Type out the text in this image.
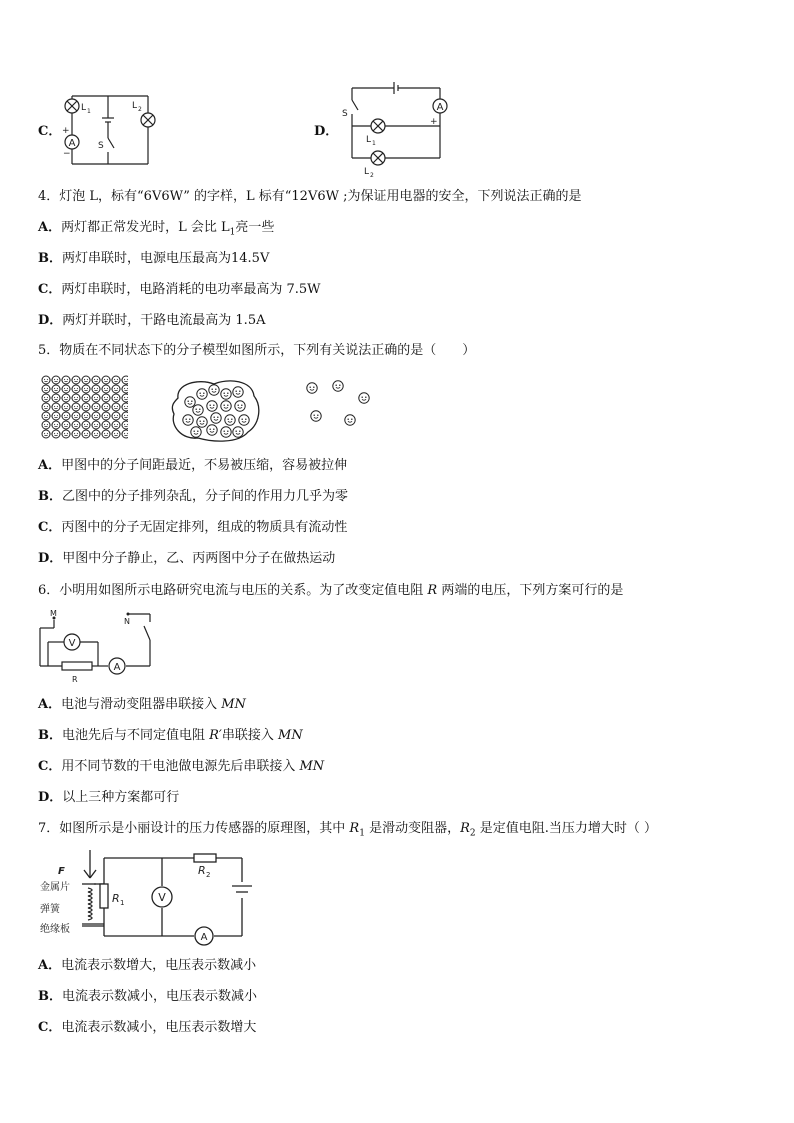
C．
A
L 1
L 2
S
+
−
D．
A
S
L 1
L 2
+
4．灯泡 L，标有“6V6W” 的字样，L 标有“12V6W ;为保证用电器的安全，下列说法正确的是
A．两灯都正常发光时，L 会比 $L_1$亮一些
B．两灯串联时，电源电压最高为14.5V
C．两灯串联时，电路消耗的电功率最高为 7.5W
D．两灯并联时，干路电流最高为 1.5A
5．物质在不同状态下的分子模型如图所示，下列有关说法正确的是（　　）
A．甲图中的分子间距最近，不易被压缩，容易被拉伸
B．乙图中的分子排列杂乱，分子间的作用力几乎为零
C．丙图中的分子无固定排列，组成的物质具有流动性
D．甲图中分子静止，乙、丙两图中分子在做热运动
6．小明用如图所示电路研究电流与电压的关系。为了改变定值电阻 R 两端的电压，下列方案可行的是
V
A
M
N
R
A．电池与滑动变阻器串联接入 MN
B．电池先后与不同定值电阻 R′串联接入 MN
C．用不同节数的干电池做电源先后串联接入 MN
D．以上三种方案都可行
7．如图所示是小丽设计的压力传感器的原理图，其中 $R_1$ 是滑动变阻器，$R_2$ 是定值电阻.当压力增大时（ ）
V
A
F
金属片
弹簧
绝缘板
R 1
R 2
A．电流表示数增大，电压表示数减小
B．电流表示数减小，电压表示数减小
C．电流表示数减小，电压表示数增大
